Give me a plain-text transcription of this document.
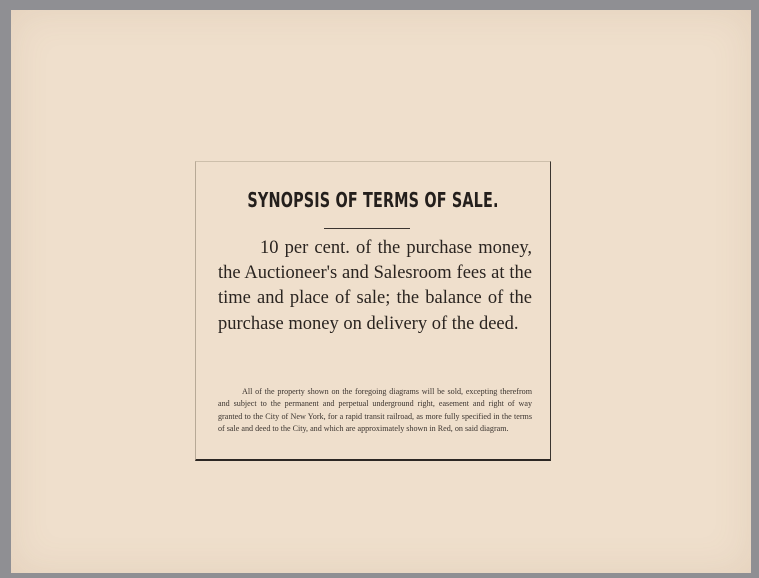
SYNOPSIS OF TERMS OF SALE.

10 per cent. of the purchase money, the Auctioneer's and Salesroom fees at the time and place of sale; the balance of the purchase money on delivery of the deed.

All of the property shown on the foregoing diagrams will be sold, excepting therefrom and subject to the permanent and perpetual underground right, easement and right of way granted to the City of New York, for a rapid transit railroad, as more fully specified in the terms of sale and deed to the City, and which are approximately shown in Red, on said diagram.
